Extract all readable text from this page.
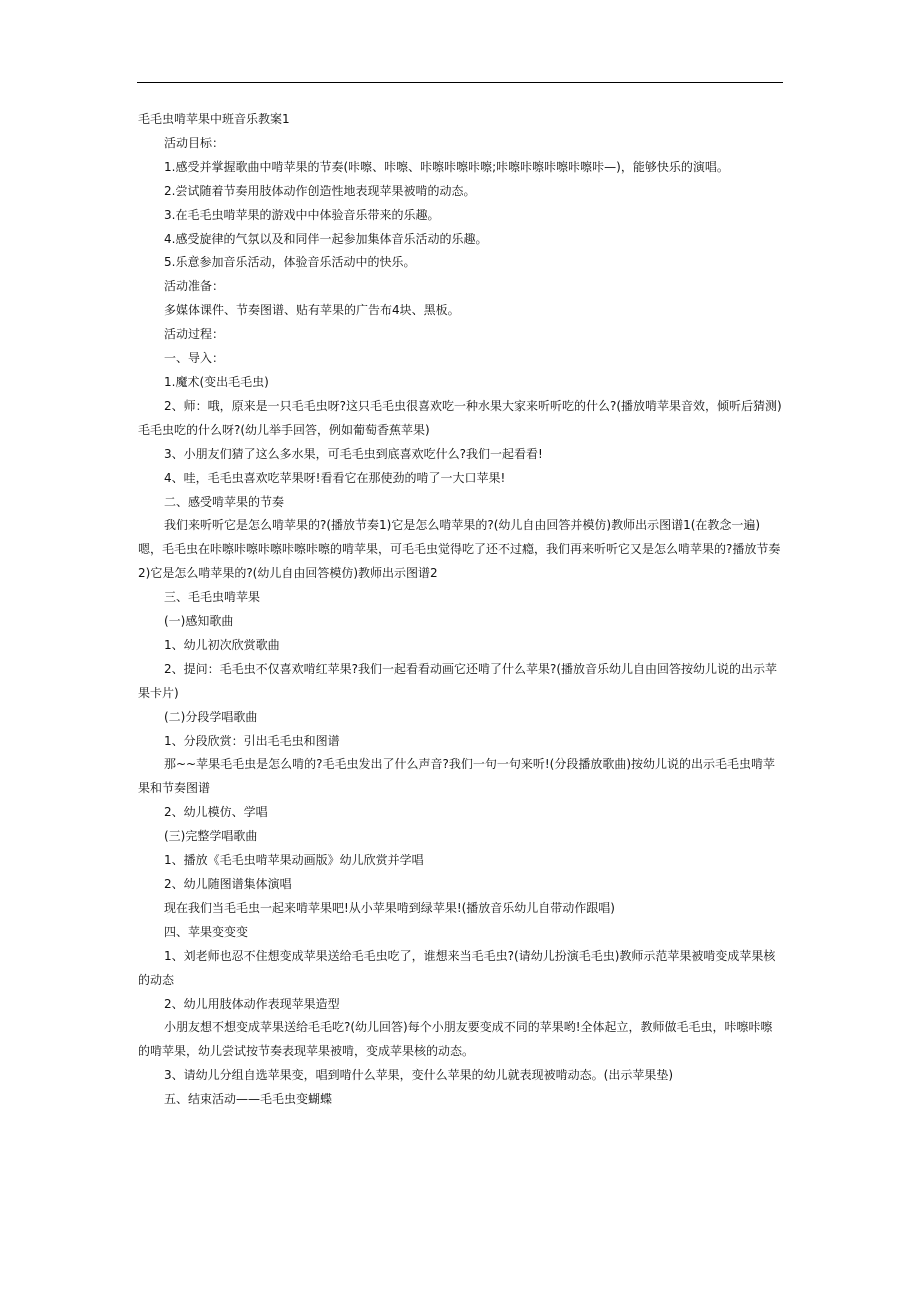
毛毛虫啃苹果中班音乐教案1

活动目标：

1.感受并掌握歌曲中啃苹果的节奏(咔嚓、咔嚓、咔嚓咔嚓咔嚓;咔嚓咔嚓咔嚓咔嚓咔—)，能够快乐的演唱。

2.尝试随着节奏用肢体动作创造性地表现苹果被啃的动态。

3.在毛毛虫啃苹果的游戏中中体验音乐带来的乐趣。

4.感受旋律的气氛以及和同伴一起参加集体音乐活动的乐趣。

5.乐意参加音乐活动，体验音乐活动中的快乐。

活动准备：

多媒体课件、节奏图谱、贴有苹果的广告布4块、黑板。

活动过程：

一、导入：

1.魔术(变出毛毛虫)

2、师：哦，原来是一只毛毛虫呀?这只毛毛虫很喜欢吃一种水果大家来听听吃的什么?(播放啃苹果音效，倾听后猜测)毛毛虫吃的什么呀?(幼儿举手回答，例如葡萄香蕉苹果)

3、小朋友们猜了这么多水果，可毛毛虫到底喜欢吃什么?我们一起看看!

4、哇，毛毛虫喜欢吃苹果呀!看看它在那使劲的啃了一大口苹果!

二、感受啃苹果的节奏

我们来听听它是怎么啃苹果的?(播放节奏1)它是怎么啃苹果的?(幼儿自由回答并模仿)教师出示图谱1(在教念一遍)嗯，毛毛虫在咔嚓咔嚓咔嚓咔嚓咔嚓的啃苹果，可毛毛虫觉得吃了还不过瘾，我们再来听听它又是怎么啃苹果的?播放节奏2)它是怎么啃苹果的?(幼儿自由回答模仿)教师出示图谱2

三、毛毛虫啃苹果

(一)感知歌曲

1、幼儿初次欣赏歌曲

2、提问：毛毛虫不仅喜欢啃红苹果?我们一起看看动画它还啃了什么苹果?(播放音乐幼儿自由回答按幼儿说的出示苹果卡片)

(二)分段学唱歌曲

1、分段欣赏：引出毛毛虫和图谱

那~~苹果毛毛虫是怎么啃的?毛毛虫发出了什么声音?我们一句一句来听!(分段播放歌曲)按幼儿说的出示毛毛虫啃苹果和节奏图谱

2、幼儿模仿、学唱

(三)完整学唱歌曲

1、播放《毛毛虫啃苹果动画版》幼儿欣赏并学唱

2、幼儿随图谱集体演唱

现在我们当毛毛虫一起来啃苹果吧!从小苹果啃到绿苹果!(播放音乐幼儿自带动作跟唱)

四、苹果变变变

1、刘老师也忍不住想变成苹果送给毛毛虫吃了，谁想来当毛毛虫?(请幼儿扮演毛毛虫)教师示范苹果被啃变成苹果核的动态

2、幼儿用肢体动作表现苹果造型

小朋友想不想变成苹果送给毛毛吃?(幼儿回答)每个小朋友要变成不同的苹果哟!全体起立，教师做毛毛虫，咔嚓咔嚓的啃苹果，幼儿尝试按节奏表现苹果被啃，变成苹果核的动态。

3、请幼儿分组自选苹果变，唱到啃什么苹果，变什么苹果的幼儿就表现被啃动态。(出示苹果垫)

五、结束活动——毛毛虫变蝴蝶
